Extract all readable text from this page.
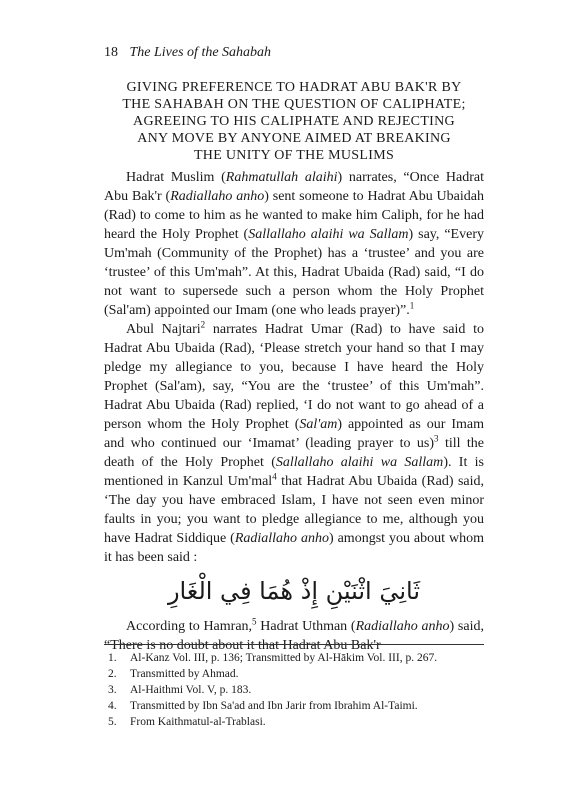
18 The Lives of the Sahabah
GIVING PREFERENCE TO HADRAT ABU BAK'R BY
THE SAHABAH ON THE QUESTION OF CALIPHATE;
AGREEING TO HIS CALIPHATE AND REJECTING
ANY MOVE BY ANYONE AIMED AT BREAKING
THE UNITY OF THE MUSLIMS

Hadrat Muslim (Rahmatullah alaihi) narrates, “Once Hadrat Abu Bak'r (Radiallaho anho) sent someone to Hadrat Abu Ubaidah (Rad) to come to him as he wanted to make him Caliph, for he had heard the Holy Prophet (Sallallaho alaihi wa Sallam) say, “Every Um'mah (Community of the Prophet) has a ‘trustee’ and you are ‘trustee’ of this Um'mah”. At this, Hadrat Ubaida (Rad) said, “I do not want to supersede such a person whom the Holy Prophet (Sal'am) appointed our Imam (one who leads prayer)”.$^1$

Abul Najtari$^2$ narrates Hadrat Umar (Rad) to have said to Hadrat Abu Ubaida (Rad), ‘Please stretch your hand so that I may pledge my allegiance to you, because I have heard the Holy Prophet (Sal'am), say, “You are the ‘trustee’ of this Um'mah”. Hadrat Abu Ubaida (Rad) replied, ‘I do not want to go ahead of a person whom the Holy Prophet (Sal'am) appointed as our Imam and who continued our ‘Imamat’ (leading prayer to us)$^3$ till the death of the Holy Prophet (Sallallaho alaihi wa Sallam). It is mentioned in Kanzul Um'mal$^4$ that Hadrat Abu Ubaida (Rad) said, ‘The day you have embraced Islam, I have not seen even minor faults in you; you want to pledge allegiance to me, although you have Hadrat Siddique (Radiallaho anho) amongst you about whom it has been said :

ثَانِيَ اثْنَيْنِ إِذْ هُمَا فِي الْغَارِ

According to Hamran,$^5$ Hadrat Uthman (Radiallaho anho) said, “There is no doubt about it that Hadrat Abu Bak'r

1.	Al-Kanz Vol. III, p. 136; Transmitted by Al-Hākim Vol. III, p. 267.
2.	Transmitted by Ahmad.
3.	Al-Haithmi Vol. V, p. 183.
4.	Transmitted by Ibn Sa'ad and Ibn Jarir from Ibrahim Al-Taimi.
5.	From Kaithmatul-al-Trablasi.
